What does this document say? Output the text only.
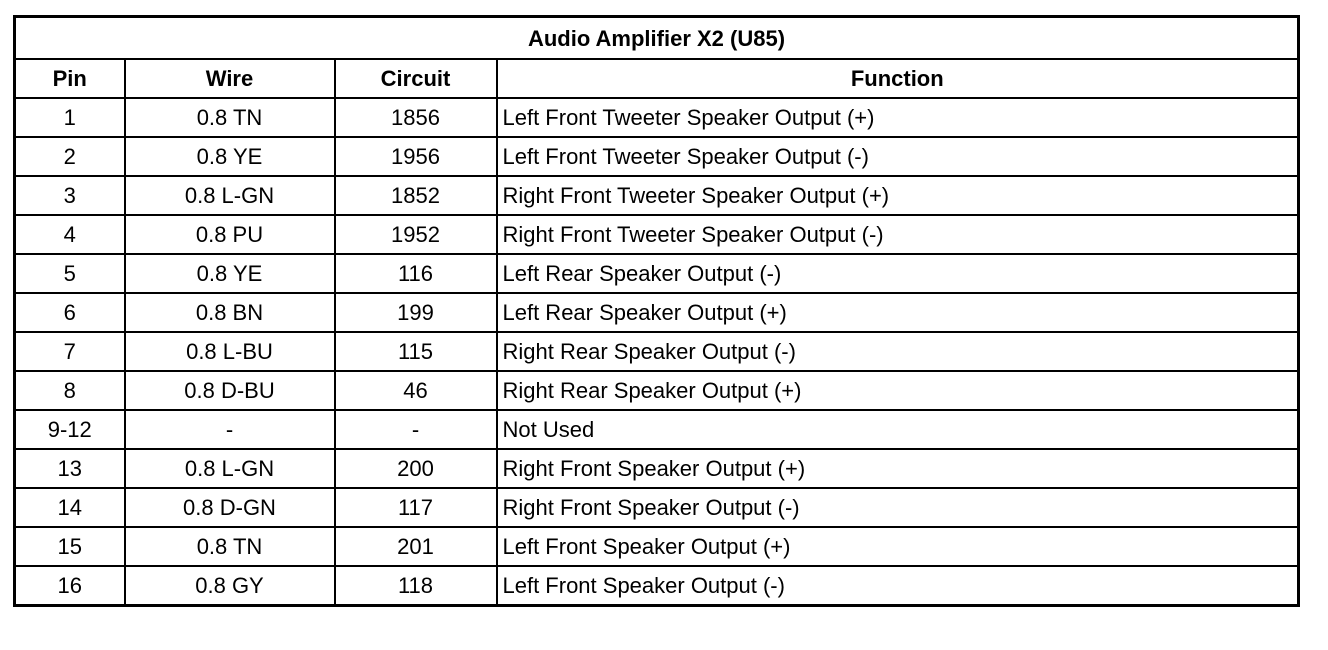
Audio Amplifier X2 (U85)			
Pin	Wire	Circuit	Function
1	0.8 TN	1856	Left Front Tweeter Speaker Output (+)
2	0.8 YE	1956	Left Front Tweeter Speaker Output (-)
3	0.8 L-GN	1852	Right Front Tweeter Speaker Output (+)
4	0.8 PU	1952	Right Front Tweeter Speaker Output (-)
5	0.8 YE	116	Left Rear Speaker Output (-)
6	0.8 BN	199	Left Rear Speaker Output (+)
7	0.8 L-BU	115	Right Rear Speaker Output (-)
8	0.8 D-BU	46	Right Rear Speaker Output (+)
9-12	-	-	Not Used
13	0.8 L-GN	200	Right Front Speaker Output (+)
14	0.8 D-GN	117	Right Front Speaker Output (-)
15	0.8 TN	201	Left Front Speaker Output (+)
16	0.8 GY	118	Left Front Speaker Output (-)
